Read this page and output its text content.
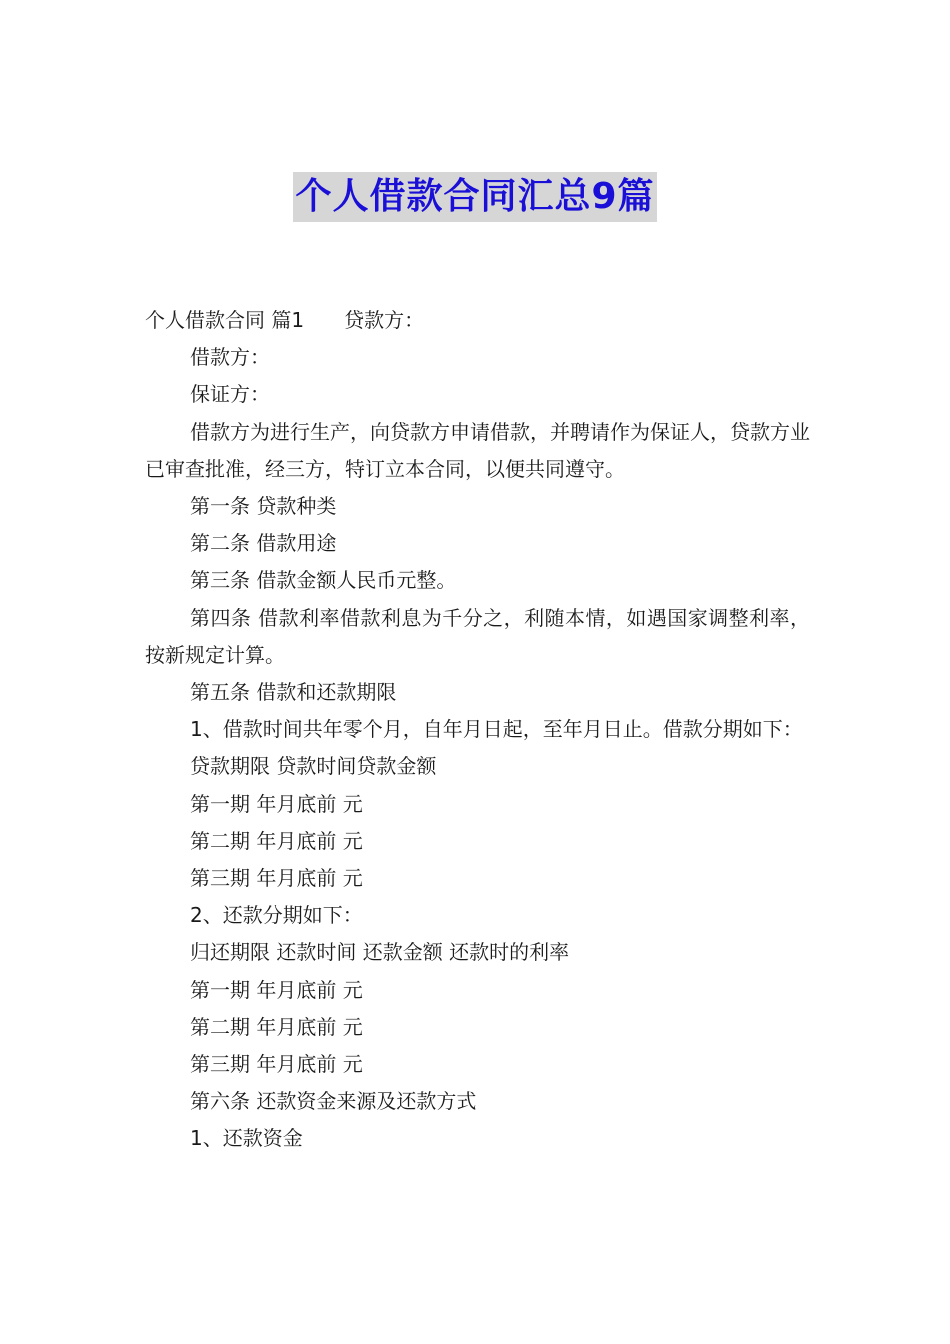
个人借款合同汇总9篇

个人借款合同 篇1 贷款方：

借款方：

保证方：

借款方为进行生产，向贷款方申请借款，并聘请作为保证人，贷款方业已审查批准，经三方，特订立本合同，以便共同遵守。

第一条 贷款种类

第二条 借款用途

第三条 借款金额人民币元整。

第四条 借款利率借款利息为千分之，利随本情，如遇国家调整利率，按新规定计算。

第五条 借款和还款期限

1、借款时间共年零个月，自年月日起，至年月日止。借款分期如下：

贷款期限 贷款时间贷款金额

第一期 年月底前 元

第二期 年月底前 元

第三期 年月底前 元

2、还款分期如下：

归还期限 还款时间 还款金额 还款时的利率

第一期 年月底前 元

第二期 年月底前 元

第三期 年月底前 元

第六条 还款资金来源及还款方式

1、还款资金
